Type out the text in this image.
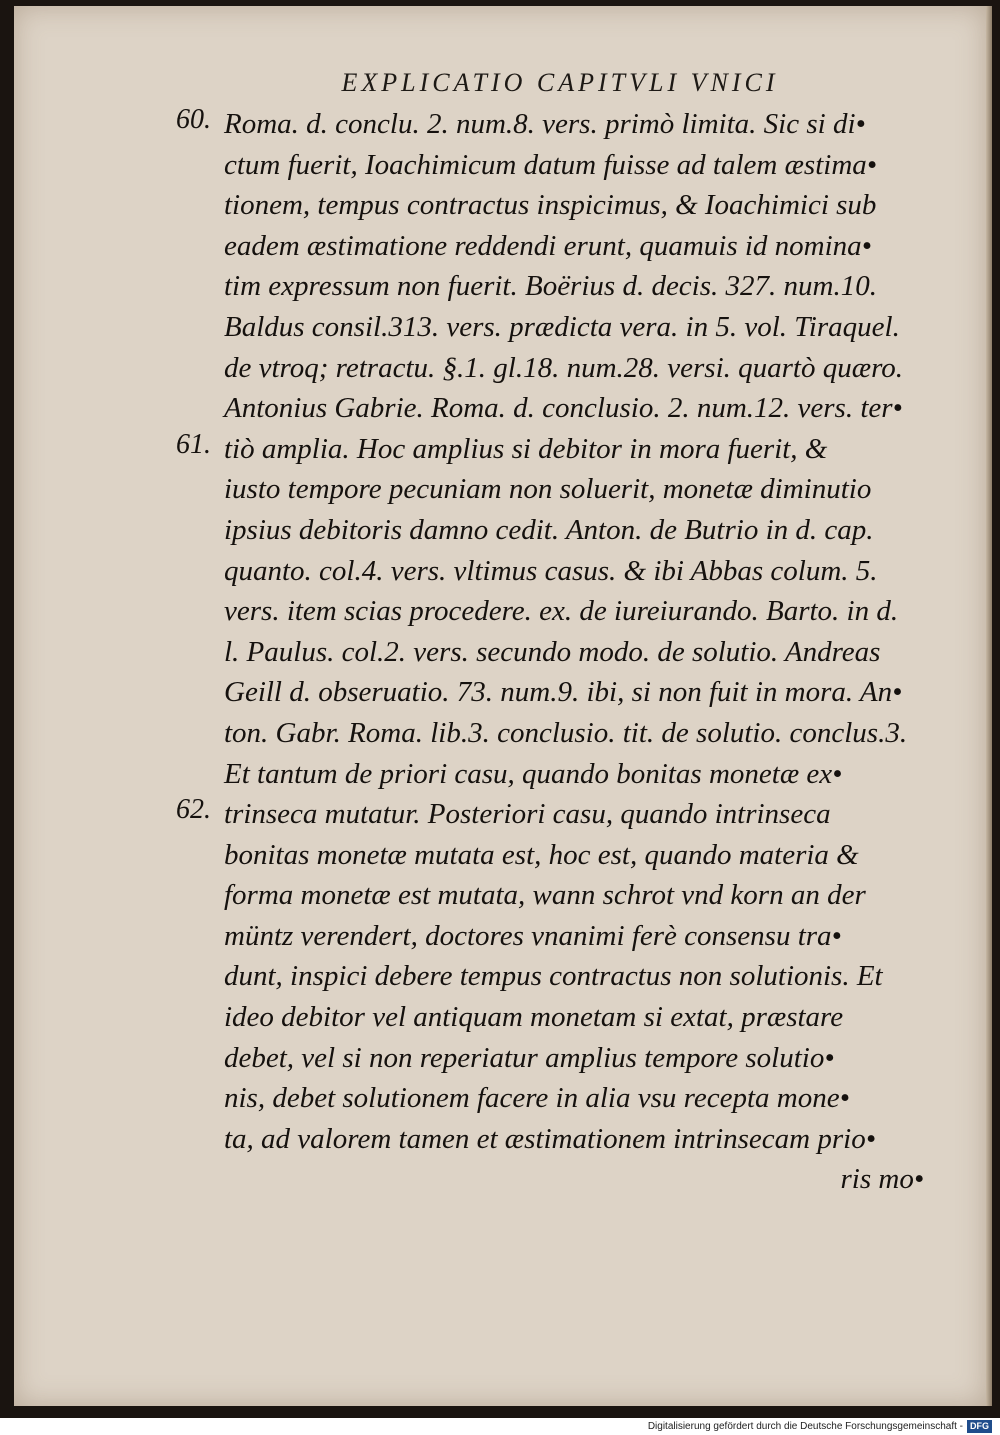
EXPLICATIO CAPITVLI VNICI
60.
61.
62.
Roma. d. conclu. 2. num.8. vers. primò limita. Sic si di•
ctum fuerit, Ioachimicum datum fuisse ad talem æstima•
tionem, tempus contractus inspicimus, & Ioachimici sub
eadem æstimatione reddendi erunt, quamuis id nomina•
tim expressum non fuerit. Boërius d. decis. 327. num.10.
Baldus consil.313. vers. prædicta vera. in 5. vol. Tiraquel.
de vtroq; retractu. §.1. gl.18. num.28. versi. quartò quæro.
Antonius Gabrie. Roma. d. conclusio. 2. num.12. vers. ter•
tiò amplia. Hoc amplius si debitor in mora fuerit, &
iusto tempore pecuniam non soluerit, monetæ diminutio
ipsius debitoris damno cedit. Anton. de Butrio in d. cap.
quanto. col.4. vers. vltimus casus. & ibi Abbas colum. 5.
vers. item scias procedere. ex. de iureiurando. Barto. in d.
l. Paulus. col.2. vers. secundo modo. de solutio. Andreas
Geill d. obseruatio. 73. num.9. ibi, si non fuit in mora. An•
ton. Gabr. Roma. lib.3. conclusio. tit. de solutio. conclus.3.
Et tantum de priori casu, quando bonitas monetæ ex•
trinseca mutatur. Posteriori casu, quando intrinseca
bonitas monetæ mutata est, hoc est, quando materia &
forma monetæ est mutata, wann schrot vnd korn an der
müntz verendert, doctores vnanimi ferè consensu tra•
dunt, inspici debere tempus contractus non solutionis. Et
ideo debitor vel antiquam monetam si extat, præstare
debet, vel si non reperiatur amplius tempore solutio•
nis, debet solutionem facere in alia vsu recepta mone•
ta, ad valorem tamen et æstimationem intrinsecam prio•
ris mo•
Digitalisierung gefördert durch die Deutsche Forschungsgemeinschaft - DFG
